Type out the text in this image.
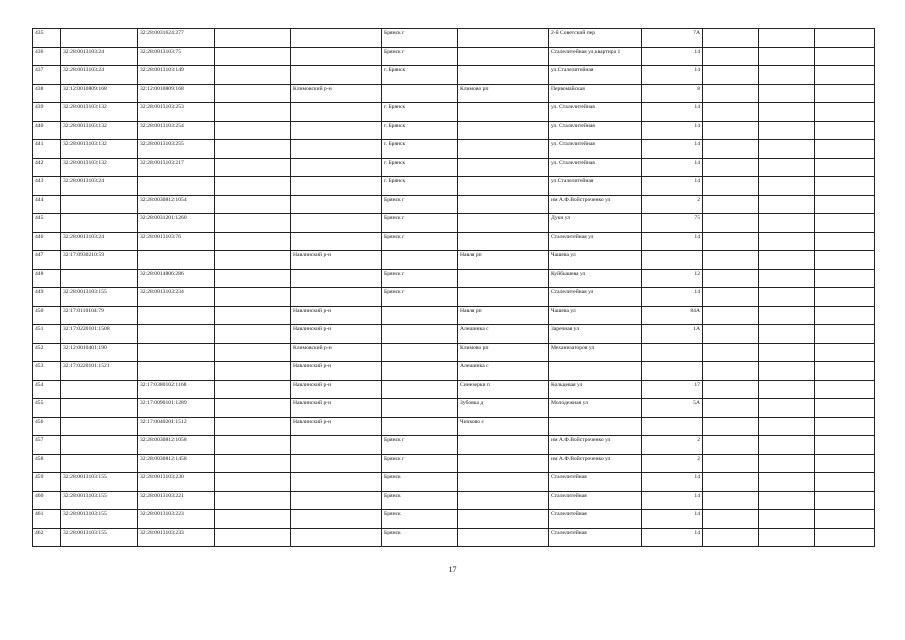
435		32:28:0031624:277			Брянск г		2-й Советский пер	7А			
436	32:28:0013103:24	32:28:0013103:75			Брянск г		Сталелитейная ул,квартира 1	14			
437	32:28:0013103:24	32:28:0013103:149			г. Брянск		ул.Сталелитейная	14			
438	32:12:0010809:168	32:12:0010809:168		Климовский р-н		Климово рп	Первомайская	8			
439	32:28:0013103:132	32:28:0013103:253			г. Брянск		ул. Сталелитейная	14			
440	32:28:0013103:132	32:28:0013103:254			г. Брянск		ул. Сталелитейная	14			
441	32:28:0013103:132	32:28:0013103:255			г. Брянск		ул. Сталелитейная	14			
442	32:28:0013103:132	32:28:0013103:217			г. Брянск		ул. Сталелитейная	14			
443	32:28:0013103:24				г. Брянск		ул.Сталелитейная	14			
444		32:28:0030812:1054			Брянск г		им А.Ф.Войстроченко ул	2			
445		32:28:0031201:1260			Брянск г		Дуки ул	75			
446	32:28:0013103:24	32:28:0013103:76			Брянск г		Сталелитейная ул	14			
447	32:17:0930210:59			Навлинский р-н		Навля рп	Чашева ул				
448		32:28:0014806:286			Брянск г		Куйбышева ул	12			
449	32:28:0013103:155	32:28:0013103:234			Брянск г		Сталелитейная ул	14			
450	32:17:0110104:79			Навлинский р-н		Навля рп	Чашева ул	84А			
451	32:17:0220101:1508			Навлинский р-н		Алешинка с	Заречная ул	1А			
452	32:12:0010401:190			Климовский р-н		Климово рп	Механизаторов ул				
453	32:17:0220101:1521			Навлинский р-н		Алешинка с					
454		32:17:0380102:1168		Навлинский р-н		Синезерки п	Кольцевая ул	17			
455		32:17:0090101:1289		Навлинский р-н		Зубовка д	Молодежная ул	5А			
456		32:17:0040201:1512		Навлинский р-н		Чичково с					
457		32:28:0030812:1058			Брянск г		им А.Ф.Войстроченко ул	2			
458		32:28:0030812:1458			Брянск г		им А.Ф.Войстроченко ул	2			
459	32:28:0013103:155	32:28:0013103:230			Брянск		Сталелитейная	14			
460	32:28:0013103:155	32:28:0013103:221			Брянск		Сталелитейная	14			
461	32:28:0013103:155	32:28:0013103:223			Брянск		Сталелитейная	14			
462	32:28:0013103:155	32:28:0013103:233			Брянск		Сталелитейная	14			
17
